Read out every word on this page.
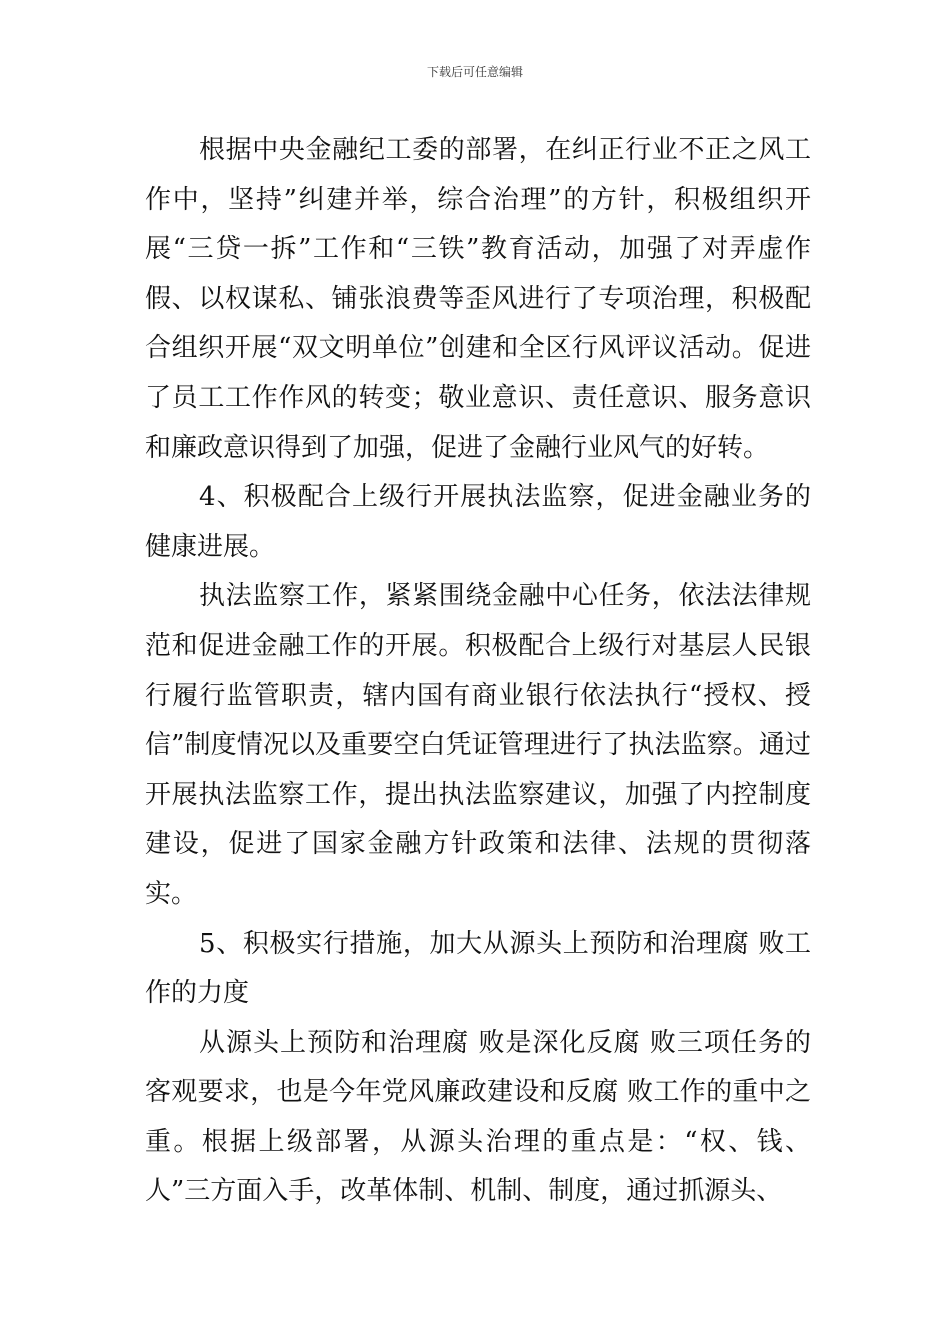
下载后可任意编辑

根据中央金融纪工委的部署，在纠正行业不正之风工作中，坚持”纠建并举，综合治理”的方针，积极组织开展“三贷一拆”工作和“三铁”教育活动，加强了对弄虚作假、以权谋私、铺张浪费等歪风进行了专项治理，积极配合组织开展“双文明单位”创建和全区行风评议活动。促进了员工工作作风的转变；敬业意识、责任意识、服务意识和廉政意识得到了加强，促进了金融行业风气的好转。

4、积极配合上级行开展执法监察，促进金融业务的健康进展。

执法监察工作，紧紧围绕金融中心任务，依法法律规范和促进金融工作的开展。积极配合上级行对基层人民银行履行监管职责，辖内国有商业银行依法执行“授权、授信”制度情况以及重要空白凭证管理进行了执法监察。通过开展执法监察工作，提出执法监察建议，加强了内控制度建设，促进了国家金融方针政策和法律、法规的贯彻落实。

5、积极实行措施，加大从源头上预防和治理腐 败工作的力度

从源头上预防和治理腐 败是深化反腐 败三项任务的客观要求，也是今年党风廉政建设和反腐 败工作的重中之重。根据上级部署，从源头治理的重点是：“权、钱、人”三方面入手，改革体制、机制、制度，通过抓源头、
